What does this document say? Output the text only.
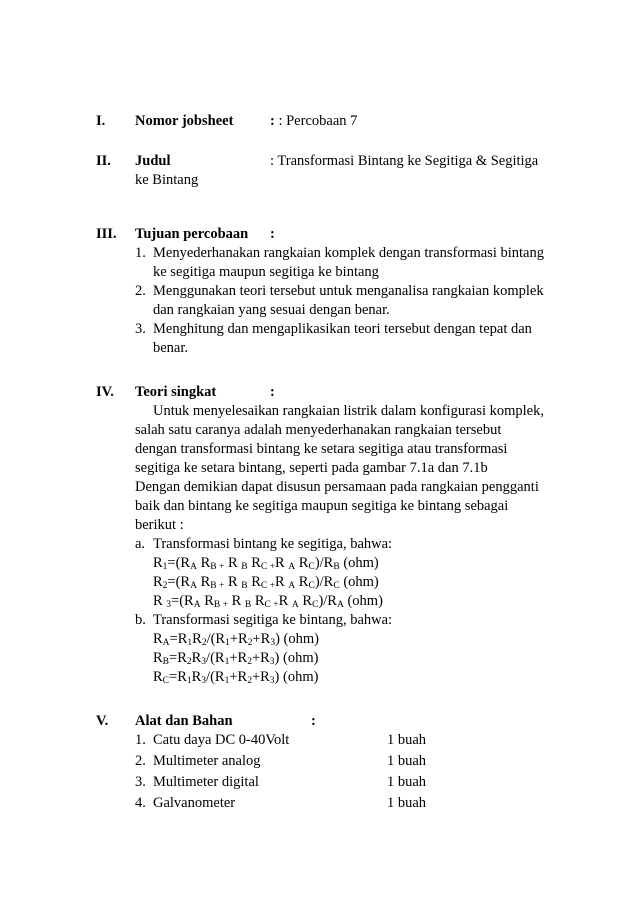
I. Nomor jobsheet	: : Percobaan 7
II. Judul	: Transformasi Bintang ke Segitiga & Segitiga
ke Bintang
III. Tujuan percobaan :
1. Menyederhanakan rangkaian komplek dengan transformasi bintang
ke segitiga maupun segitiga ke bintang
2. Menggunakan teori tersebut untuk menganalisa rangkaian komplek
dan rangkaian yang sesuai dengan benar.
3. Menghitung dan mengaplikasikan teori tersebut dengan tepat dan
benar.
IV. Teori singkat	:
Untuk menyelesaikan rangkaian listrik dalam konfigurasi komplek,
salah satu caranya adalah menyederhanakan rangkaian tersebut
dengan transformasi bintang ke setara segitiga atau transformasi
segitiga ke setara bintang, seperti pada gambar 7.1a dan 7.1b
Dengan demikian dapat disusun persamaan pada rangkaian pengganti
baik dan bintang ke segitiga maupun segitiga ke bintang sebagai
berikut :
a. Transformasi bintang ke segitiga, bahwa:
$R_1=(R_A$ $R_{B +}$ R $_B$ $R_{C +}R$ $_A$ $R_C)/R_B$ (ohm)
$R_2=(R_A$ $R_{B +}$ R $_B$ $R_{C +}R$ $_A$ $R_C)/R_C$ (ohm)
R $_3=(R_A$ $R_{B +}$ R $_B$ $R_{C +}R$ $_A$ $R_C)/R_A$ (ohm)
b. Transformasi segitiga ke bintang, bahwa:
$R_A=R_1R_2/(R_1+R_2+R_3)$ (ohm)
$R_B=R_2R_3/(R_1+R_2+R_3)$ (ohm)
$R_C=R_1R_3/(R_1+R_2+R_3)$ (ohm)
V. Alat dan Bahan	:
1. Catu daya DC 0-40Volt	1 buah
2. Multimeter analog	1 buah
3. Multimeter digital	1 buah
4. Galvanometer	1 buah
